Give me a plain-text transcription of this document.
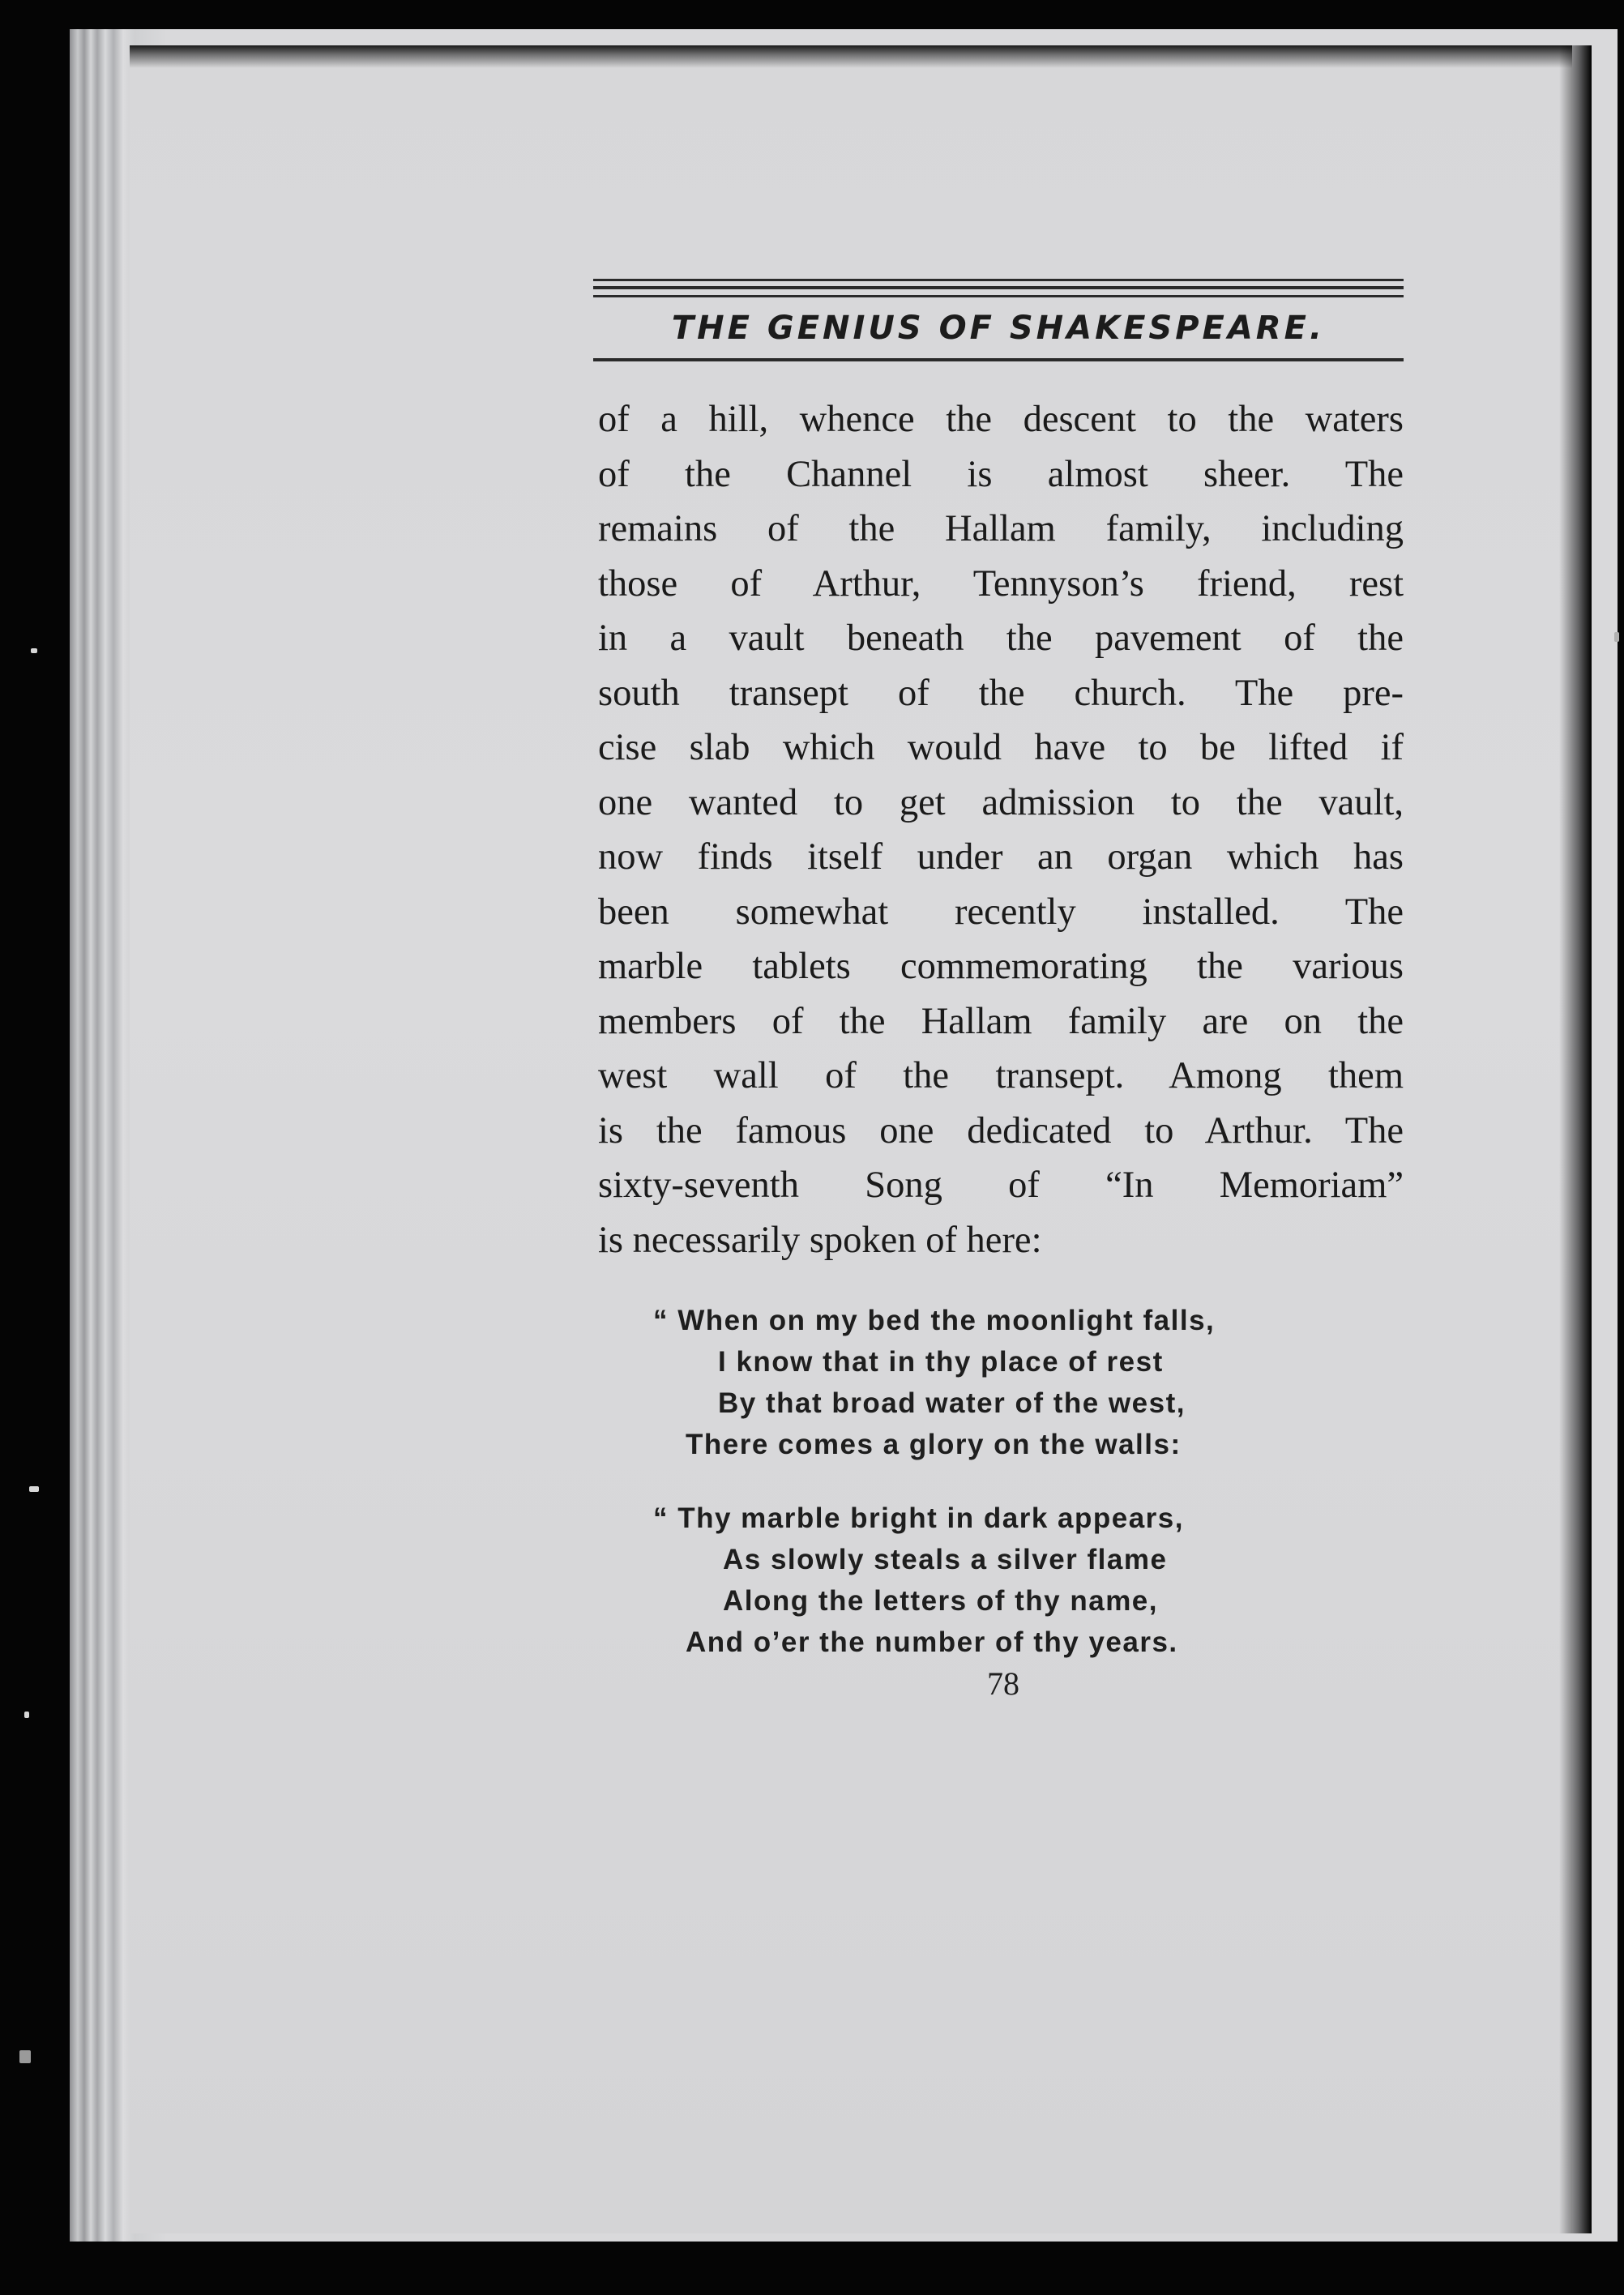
THE GENIUS OF SHAKESPEARE.
of a hill, whence the descent to the waters
of the Channel is almost sheer. The
remains of the Hallam family, including
those of Arthur, Tennyson’s friend, rest
in a vault beneath the pavement of the
south transept of the church. The pre-
cise slab which would have to be lifted if
one wanted to get admission to the vault,
now finds itself under an organ which has
been somewhat recently installed. The
marble tablets commemorating the various
members of the Hallam family are on the
west wall of the transept. Among them
is the famous one dedicated to Arthur. The
sixty-seventh Song of “In Memoriam”
is necessarily spoken of here:
“ When on my bed the moonlight falls,
I know that in thy place of rest
By that broad water of the west,
There comes a glory on the walls:
“ Thy marble bright in dark appears,
As slowly steals a silver flame
Along the letters of thy name,
And o’er the number of thy years.
78
